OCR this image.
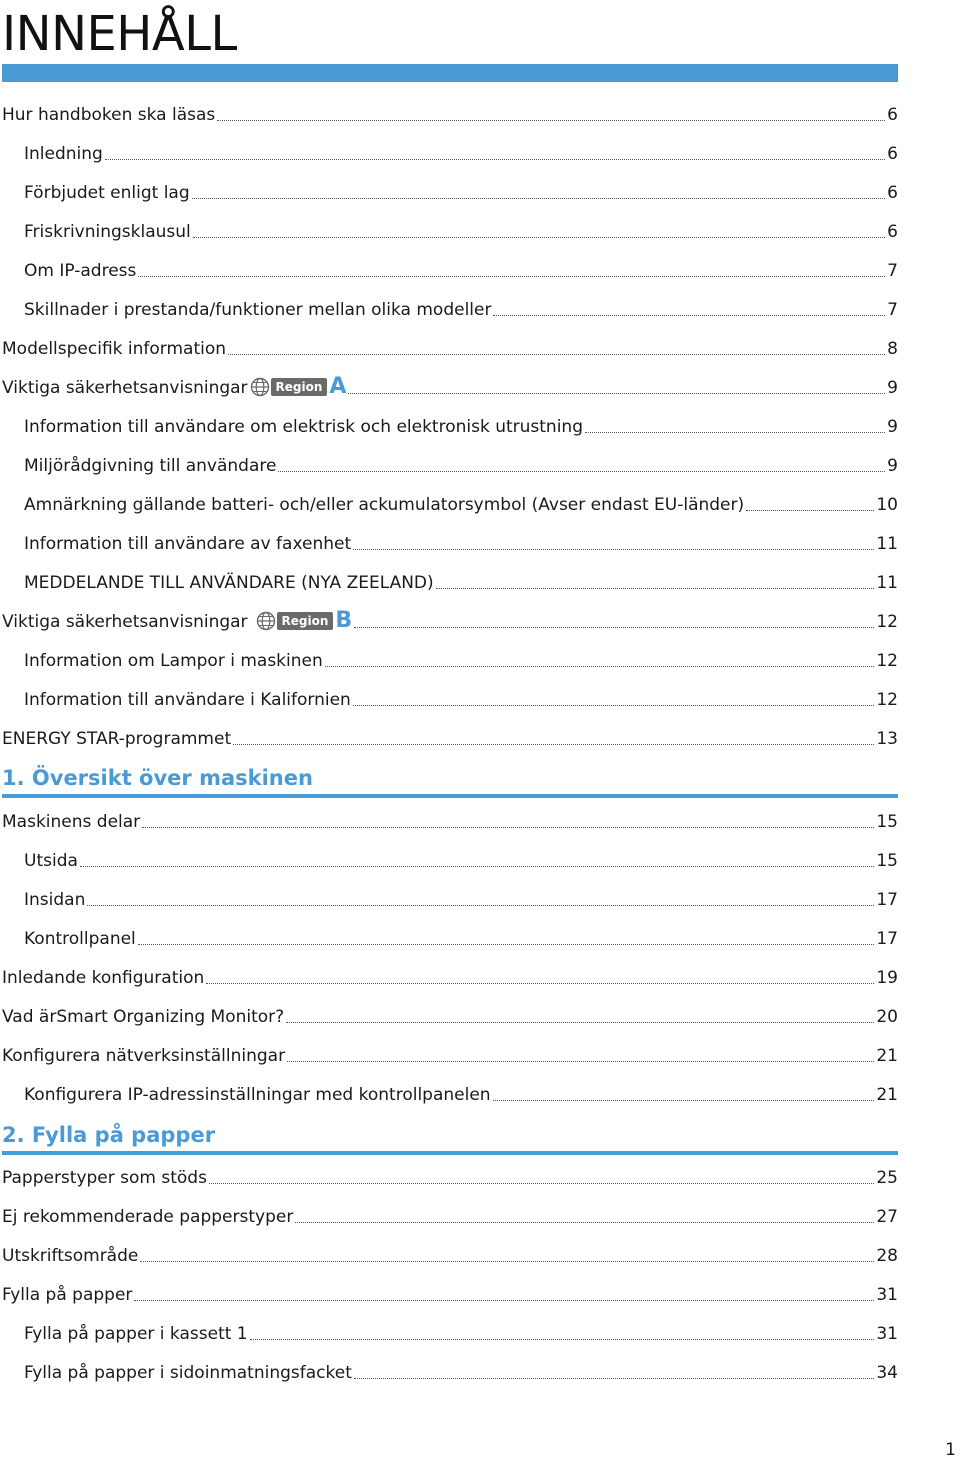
INNEHÅLL
Hur handboken ska läsas	6
Inledning	6
Förbjudet enligt lag	6
Friskrivningsklausul	6
Om IP-adress	7
Skillnader i prestanda/funktioner mellan olika modeller	7
Modellspecifik information	8
Viktiga säkerhetsanvisningar	Region A	9
Information till användare om elektrisk och elektronisk utrustning	9
Miljörådgivning till användare	9
Amnärkning gällande batteri- och/eller ackumulatorsymbol (Avser endast EU-länder)	10
Information till användare av faxenhet	11
MEDDELANDE TILL ANVÄNDARE (NYA ZEELAND)	11
Viktiga säkerhetsanvisningar	Region B	12
Information om Lampor i maskinen	12
Information till användare i Kalifornien	12
ENERGY STAR-programmet	13
1. Översikt över maskinen
Maskinens delar	15
Utsida	15
Insidan	17
Kontrollpanel	17
Inledande konfiguration	19
Vad ärSmart Organizing Monitor?	20
Konfigurera nätverksinställningar	21
Konfigurera IP-adressinställningar med kontrollpanelen	21
2. Fylla på papper
Papperstyper som stöds	25
Ej rekommenderade papperstyper	27
Utskriftsområde	28
Fylla på papper	31
Fylla på papper i kassett 1	31
Fylla på papper i sidoinmatningsfacket	34
1
